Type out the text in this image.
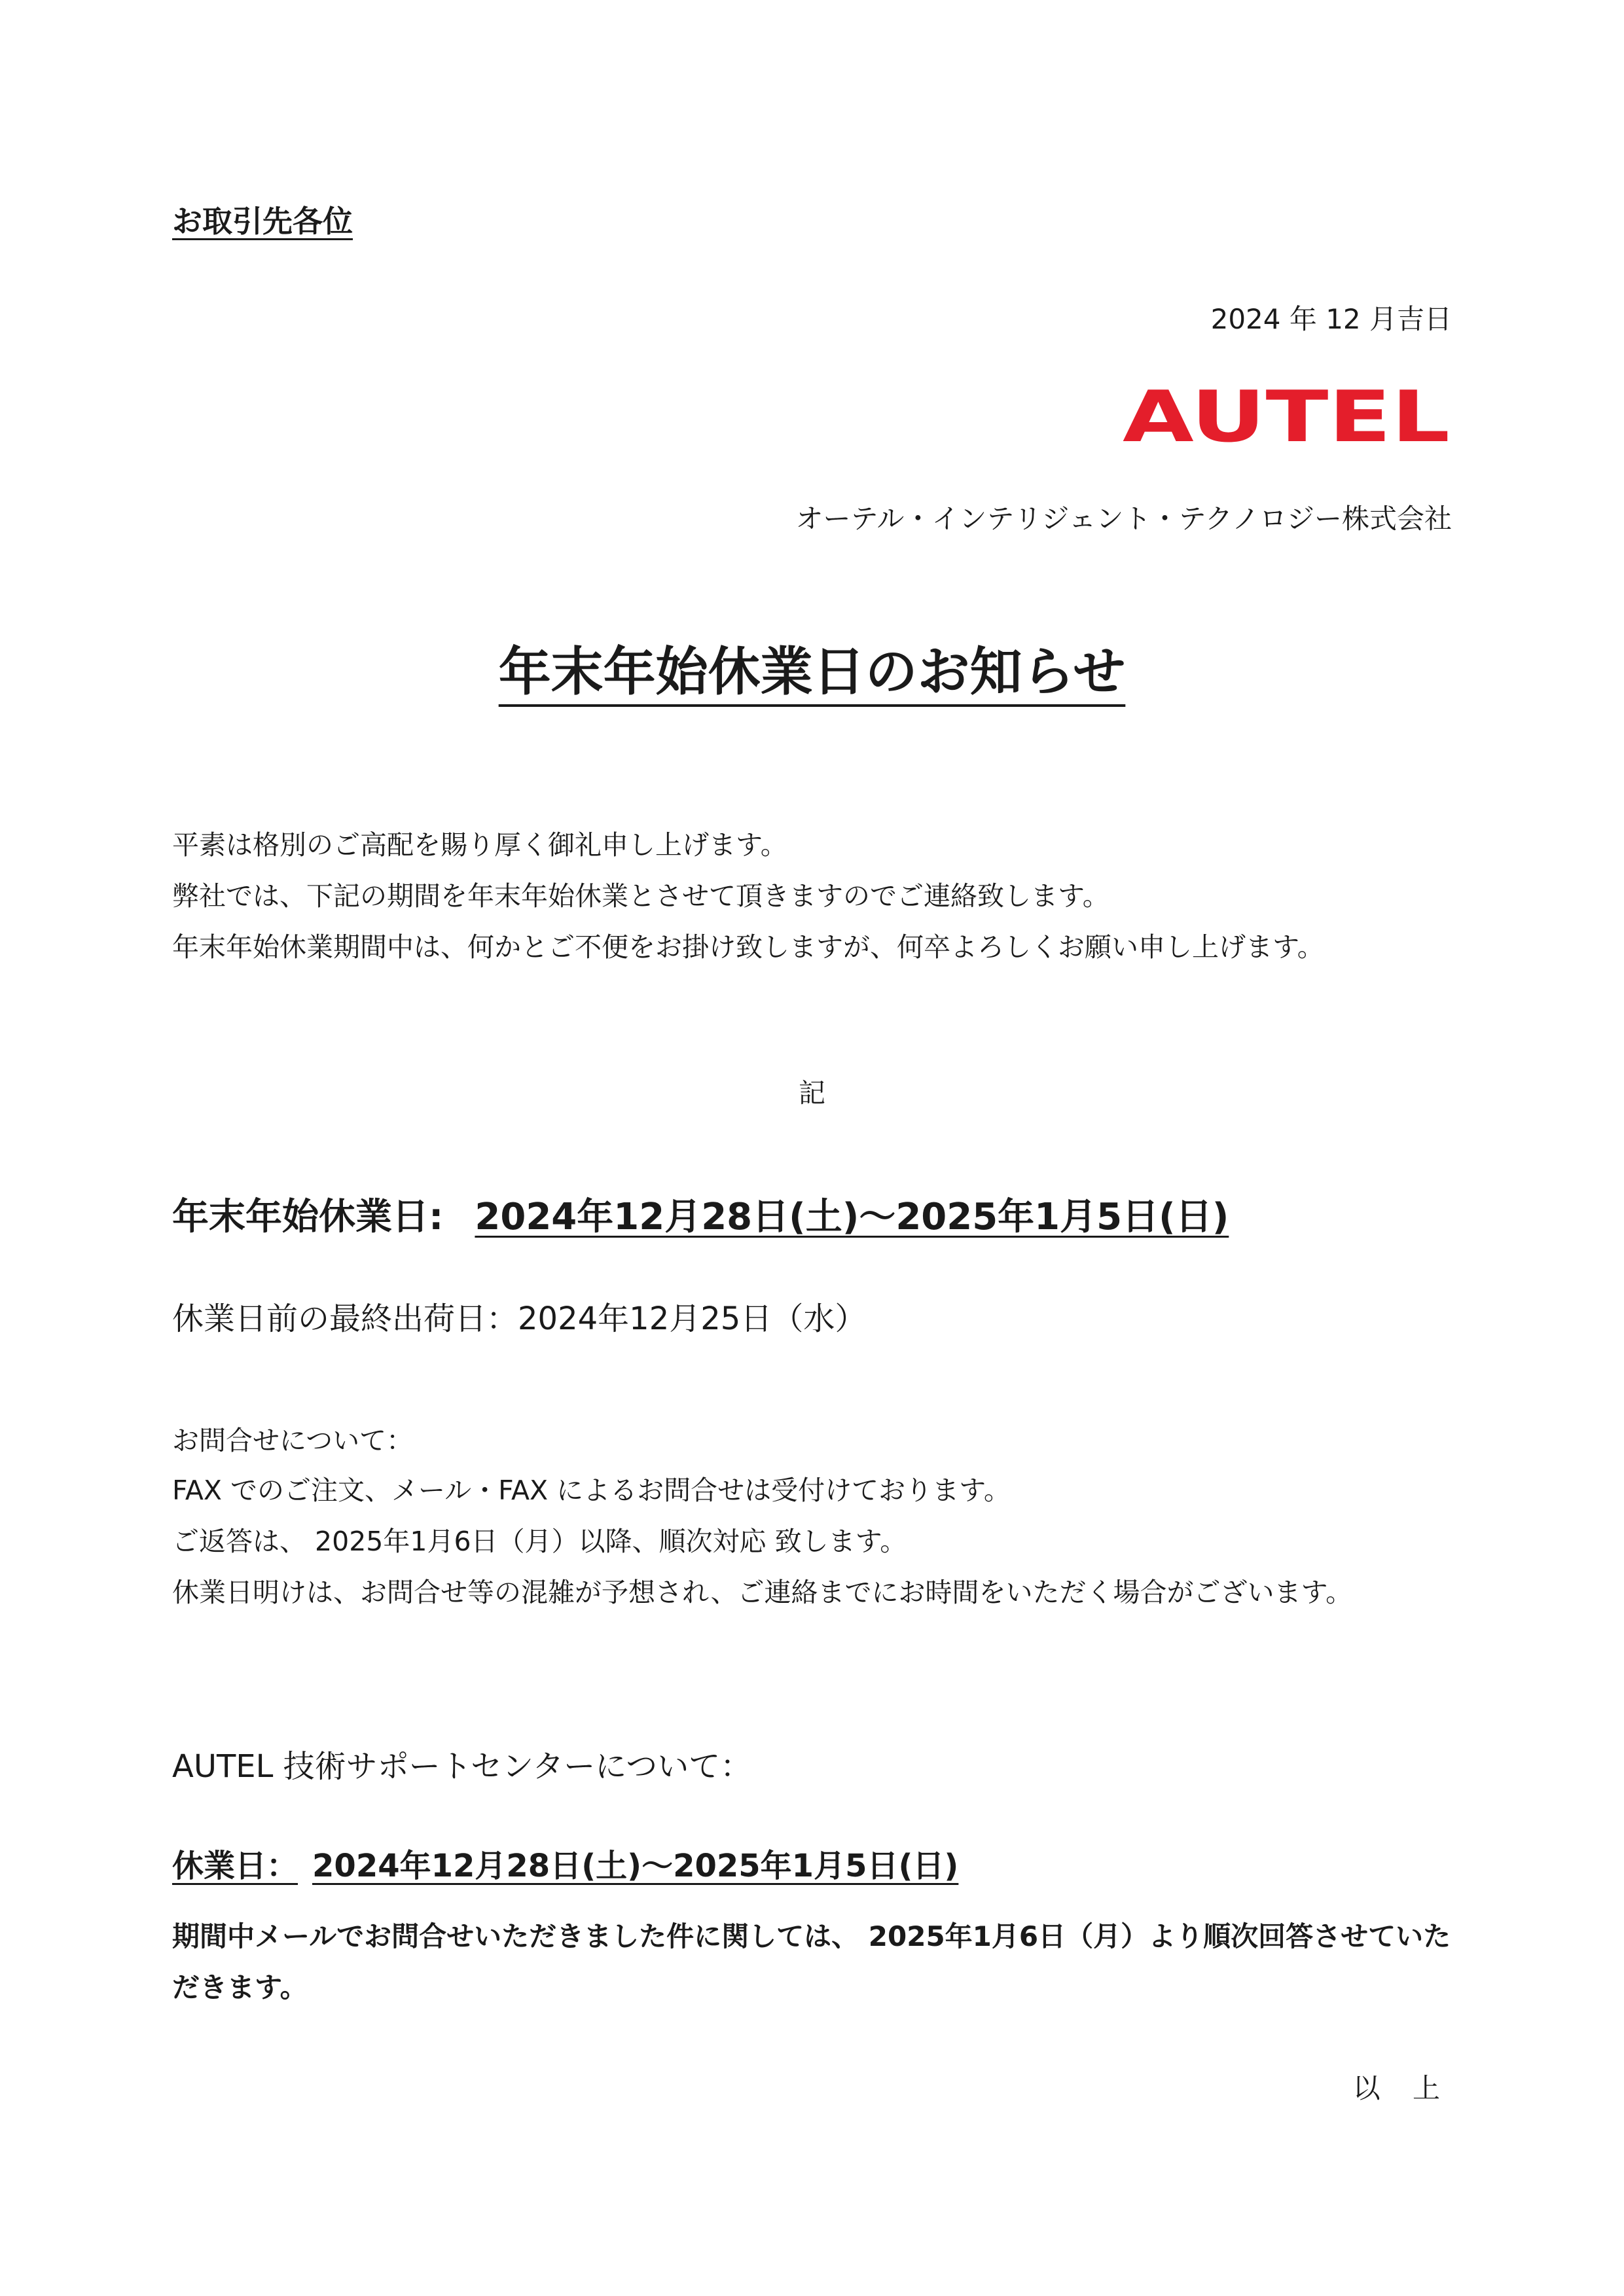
お取引先各位

2024 年 12 月吉日

AUTEL

オーテル・インテリジェント・テクノロジー株式会社

年末年始休業日のお知らせ

平素は格別のご高配を賜り厚く御礼申し上げます。

弊社では、下記の期間を年末年始休業とさせて頂きますのでご連絡致します。

年末年始休業期間中は、何かとご不便をお掛け致しますが、何卒よろしくお願い申し上げます。

記

年末年始休業日: 2024年12月28日(土)～2025年1月5日(日)

休業日前の最終出荷日：2024年12月25日（水）

お問合せについて：

FAX でのご注文、メール・FAX によるお問合せは受付けております。

ご返答は、 2025年1月6日（月）以降、順次対応 致します。

休業日明けは、お問合せ等の混雑が予想され、ご連絡までにお時間をいただく場合がございます。

AUTEL 技術サポートセンターについて：

休業日： 2024年12月28日(土)～2025年1月5日(日)

期間中メールでお問合せいただきました件に関しては、 2025年1月6日（月）より順次回答させていただきます。

以 上
